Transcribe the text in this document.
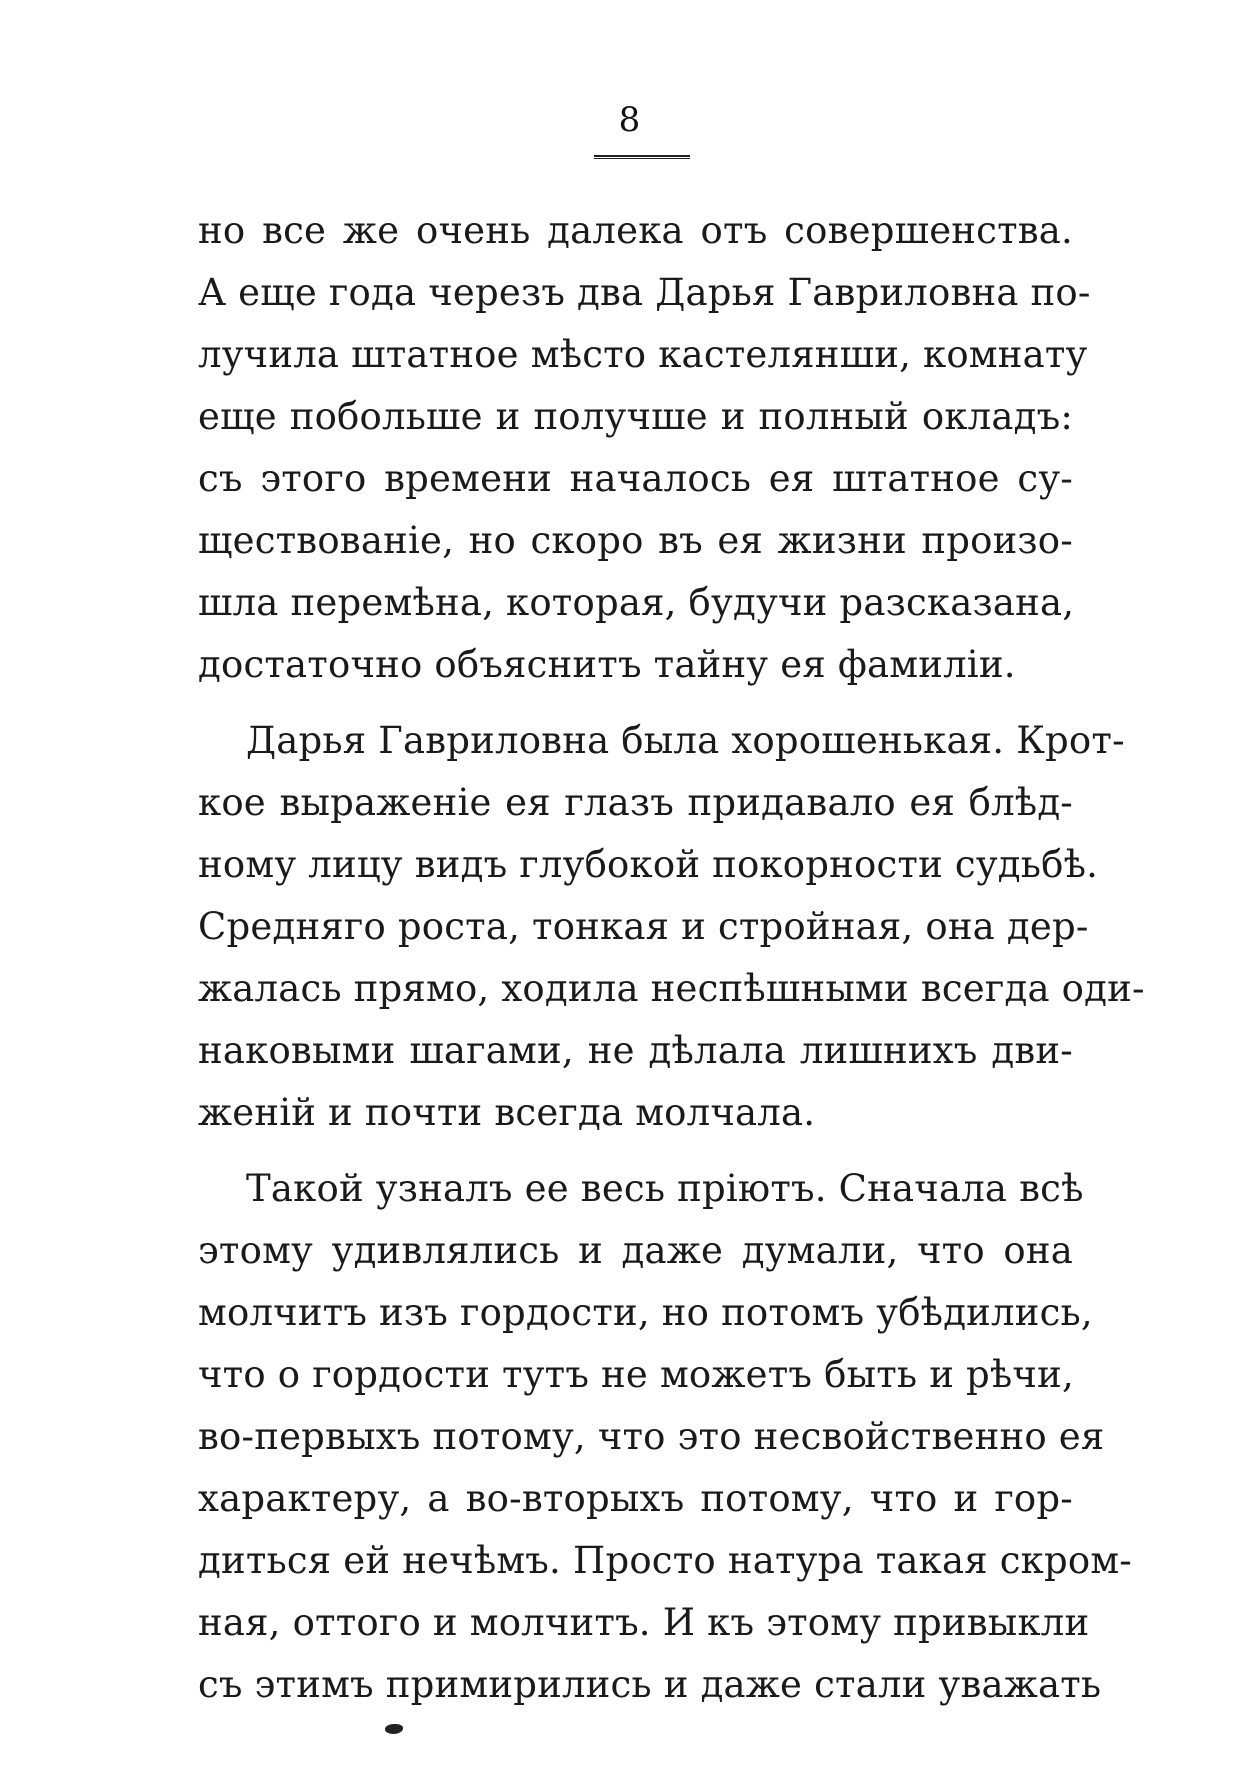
8
но все же очень далека отъ совершенства.
А еще года черезъ два Дарья Гавриловна по-
лучила штатное мѣсто кастелянши, комнату
еще побольше и получше и полный окладъ:
съ этого времени началось ея штатное су-
ществованіе, но скоро въ ея жизни произо-
шла перемѣна, которая, будучи разсказана,
достаточно объяснитъ тайну ея фамиліи.
Дарья Гавриловна была хорошенькая. Крот-
кое выраженіе ея глазъ придавало ея блѣд-
ному лицу видъ глубокой покорности судьбѣ.
Средняго роста, тонкая и стройная, она дер-
жалась прямо, ходила неспѣшными всегда оди-
наковыми шагами, не дѣлала лишнихъ дви-
женій и почти всегда молчала.
Такой узналъ ее весь пріютъ. Сначала всѣ
этому удивлялись и даже думали, что она
молчитъ изъ гордости, но потомъ убѣдились,
что о гордости тутъ не можетъ быть и рѣчи,
во-первыхъ потому, что это несвойственно ея
характеру, а во-вторыхъ потому, что и гор-
диться ей нечѣмъ. Просто натура такая скром-
ная, оттого и молчитъ. И къ этому привыкли
съ этимъ примирились и даже стали уважать
